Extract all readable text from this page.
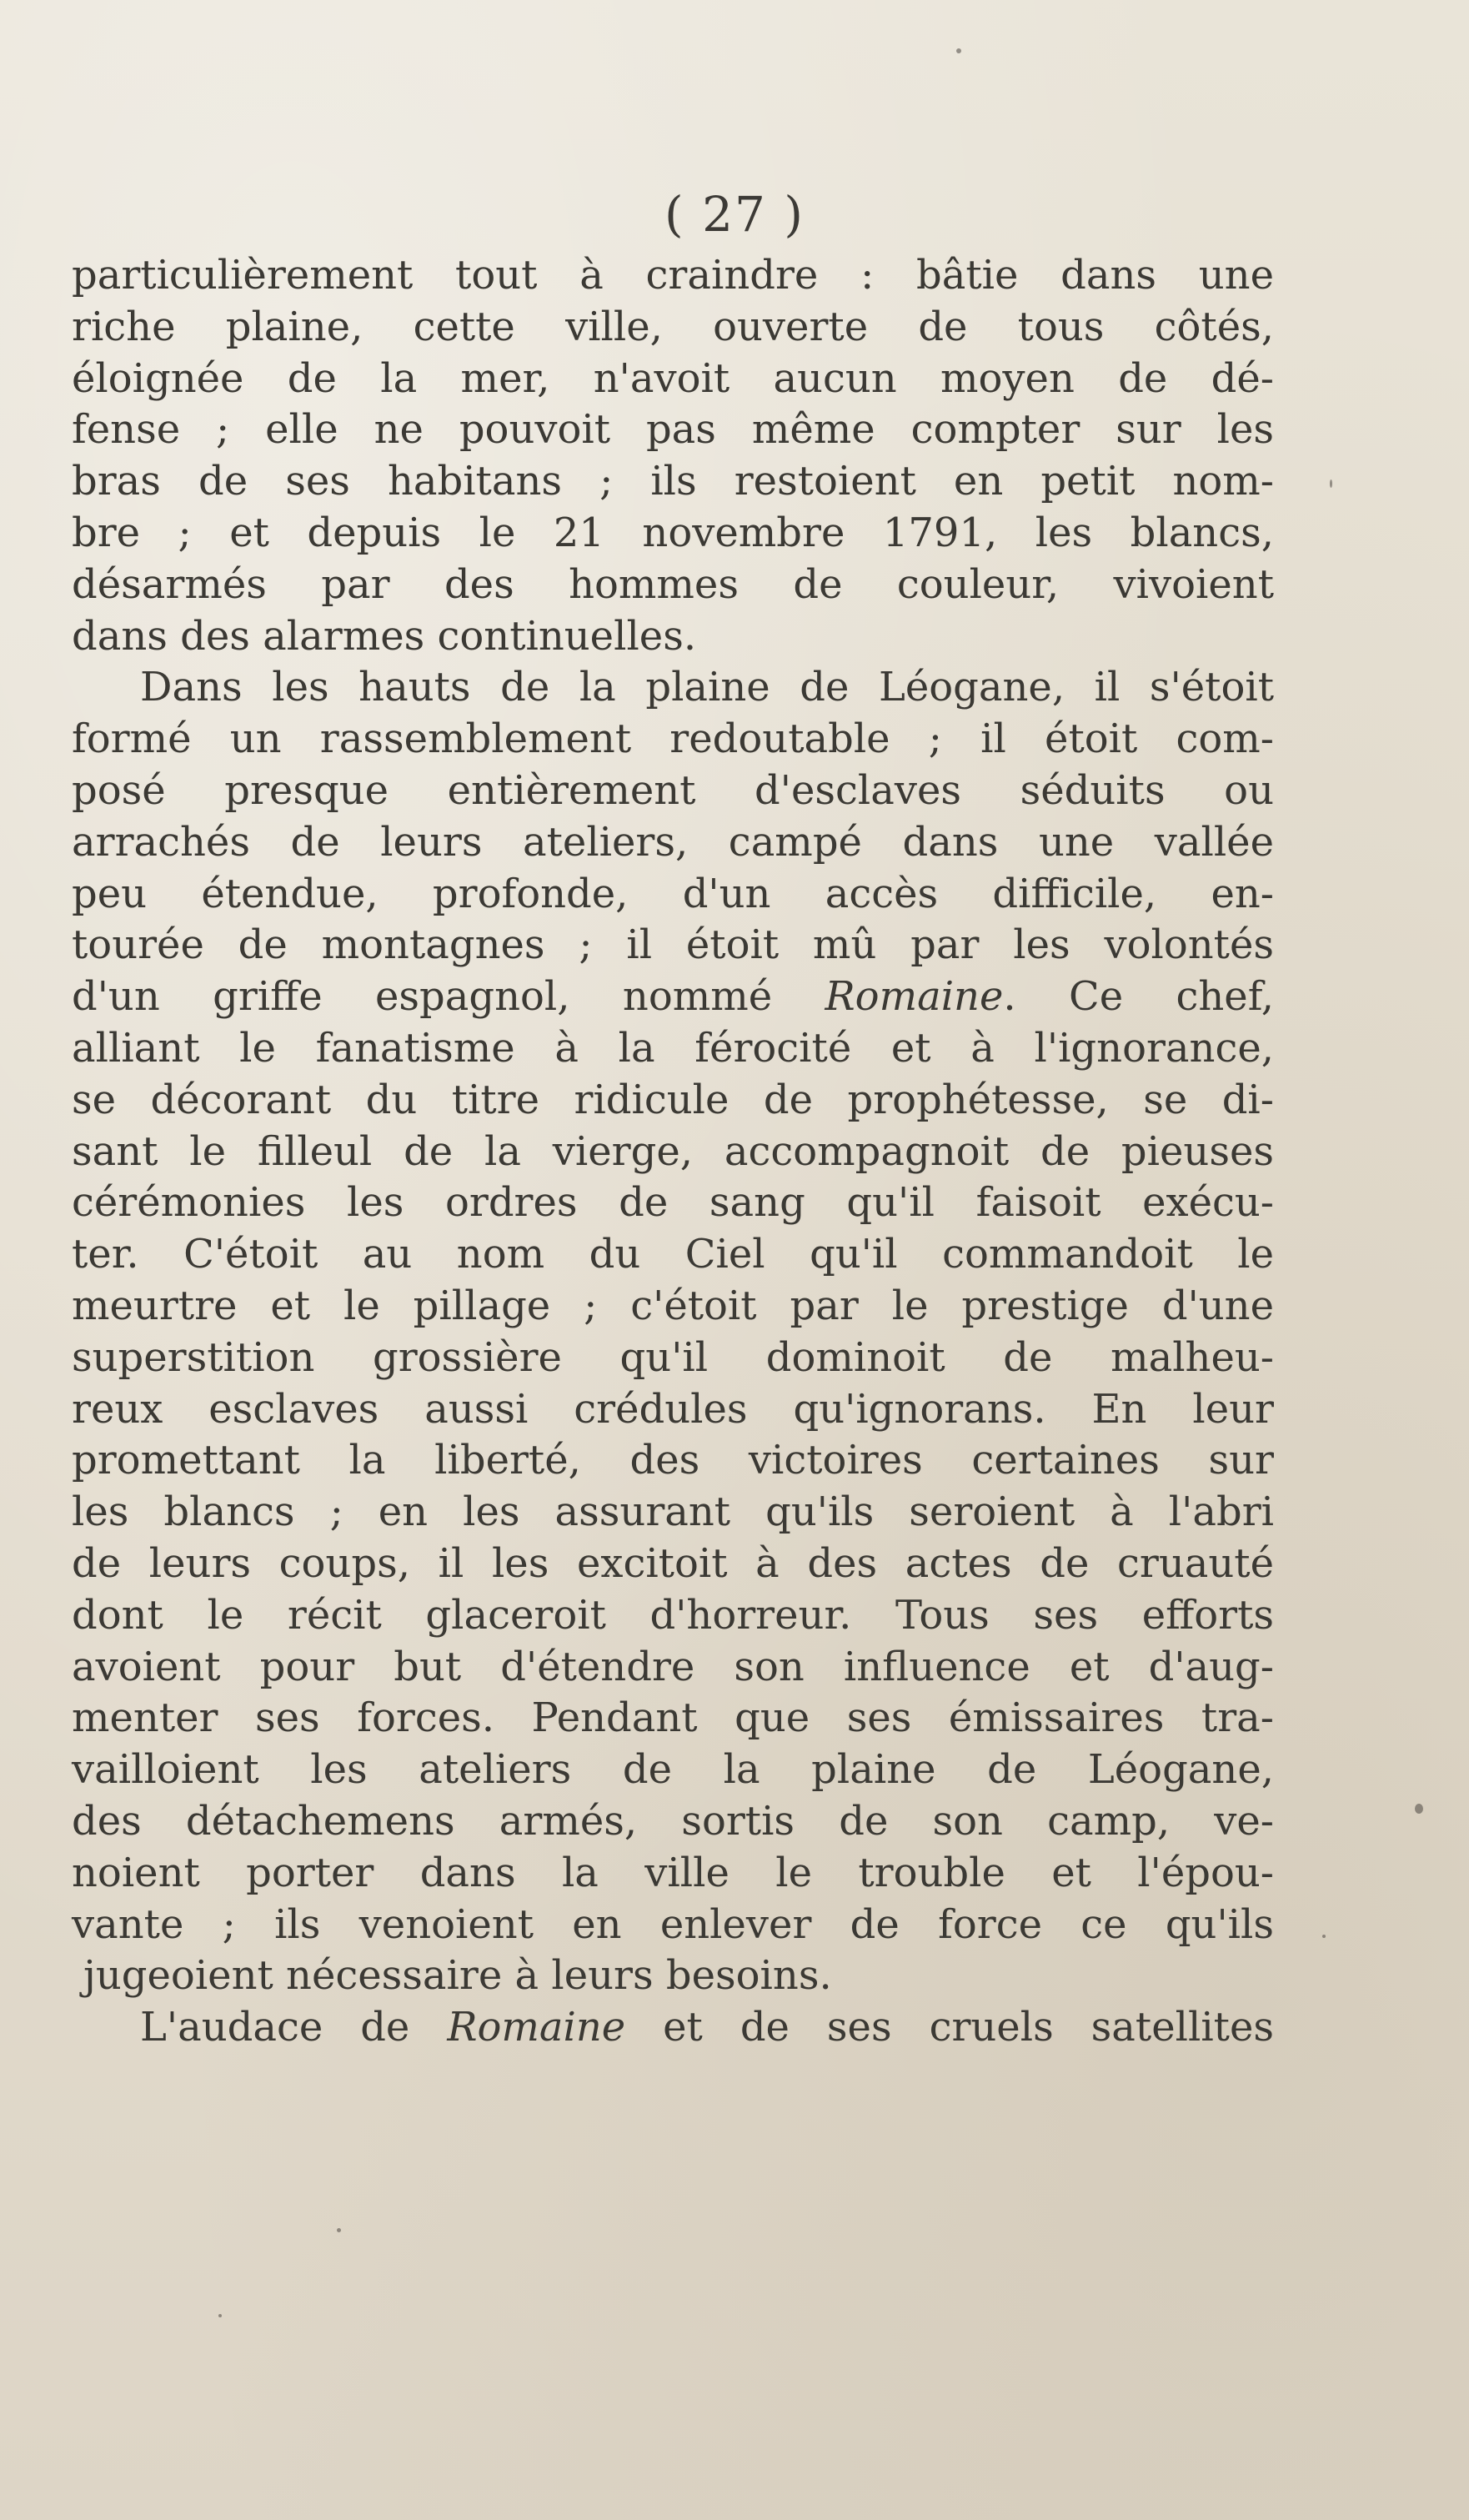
( 27 )
particulièrement tout à craindre : bâtie dans une
riche plaine, cette ville, ouverte de tous côtés,
éloignée de la mer, n'avoit aucun moyen de dé-
fense ; elle ne pouvoit pas même compter sur les
bras de ses habitans ; ils restoient en petit nom-
bre ; et depuis le 21 novembre 1791, les blancs,
désarmés par des hommes de couleur, vivoient
dans des alarmes continuelles.
Dans les hauts de la plaine de Léogane, il s'étoit
formé un rassemblement redoutable ; il étoit com-
posé presque entièrement d'esclaves séduits ou
arrachés de leurs ateliers, campé dans une vallée
peu étendue, profonde, d'un accès difficile, en-
tourée de montagnes ; il étoit mû par les volontés
d'un griffe espagnol, nommé Romaine. Ce chef,
alliant le fanatisme à la férocité et à l'ignorance,
se décorant du titre ridicule de prophétesse, se di-
sant le filleul de la vierge, accompagnoit de pieuses
cérémonies les ordres de sang qu'il faisoit exécu-
ter. C'étoit au nom du Ciel qu'il commandoit le
meurtre et le pillage ; c'étoit par le prestige d'une
superstition grossière qu'il dominoit de malheu-
reux esclaves aussi crédules qu'ignorans. En leur
promettant la liberté, des victoires certaines sur
les blancs ; en les assurant qu'ils seroient à l'abri
de leurs coups, il les excitoit à des actes de cruauté
dont le récit glaceroit d'horreur. Tous ses efforts
avoient pour but d'étendre son influence et d'aug-
menter ses forces. Pendant que ses émissaires tra-
vailloient les ateliers de la plaine de Léogane,
des détachemens armés, sortis de son camp, ve-
noient porter dans la ville le trouble et l'épou-
vante ; ils venoient en enlever de force ce qu'ils
jugeoient nécessaire à leurs besoins.
L'audace de Romaine et de ses cruels satellites
